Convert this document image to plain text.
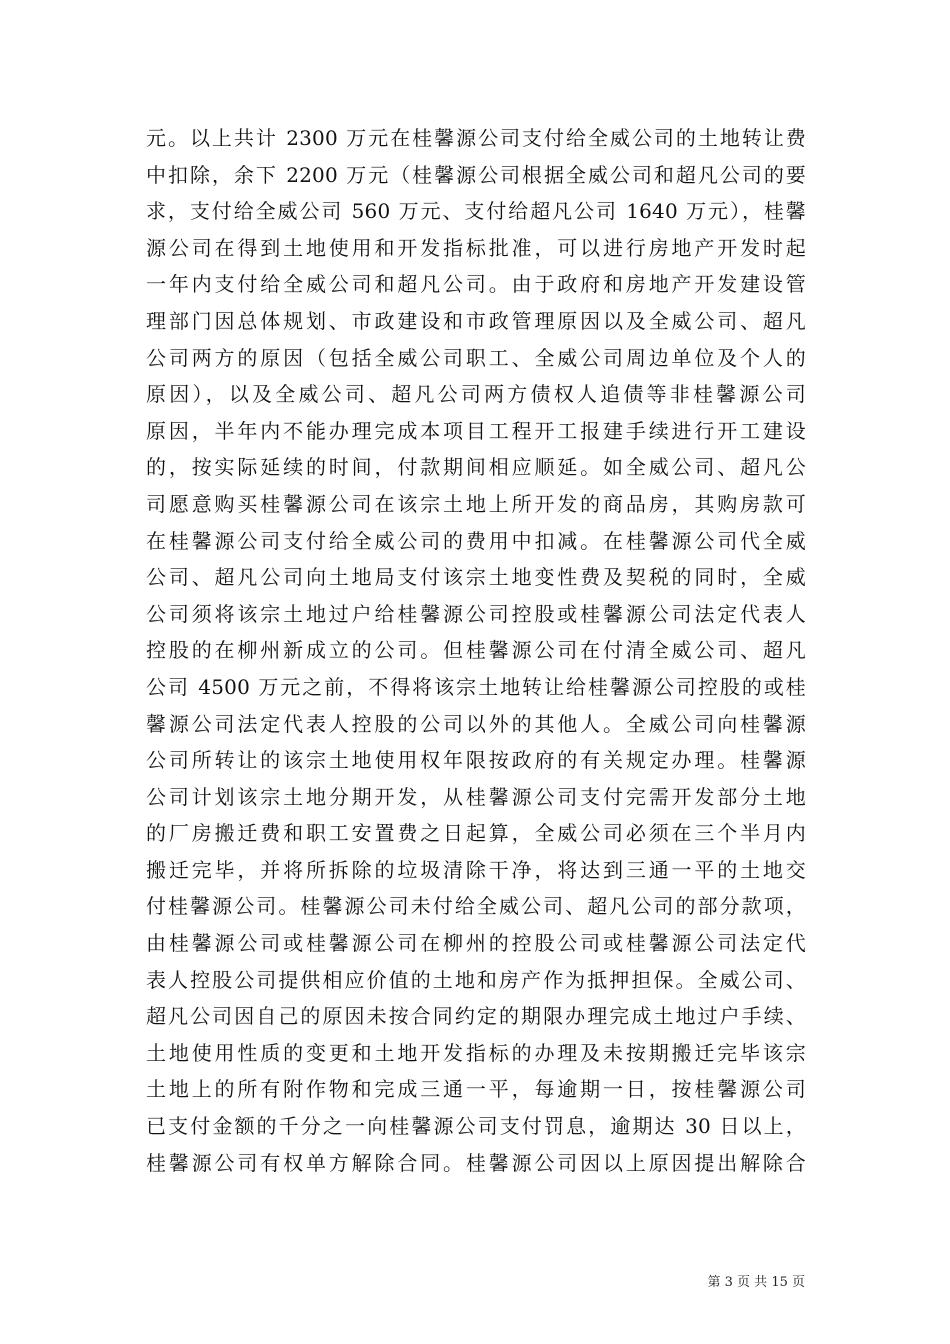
元。以上共计 2300 万元在桂馨源公司支付给全威公司的土地转让费
中扣除，余下 2200 万元（桂馨源公司根据全威公司和超凡公司的要
求，支付给全威公司 560 万元、支付给超凡公司 1640 万元），桂馨
源公司在得到土地使用和开发指标批准，可以进行房地产开发时起
一年内支付给全威公司和超凡公司。由于政府和房地产开发建设管
理部门因总体规划、市政建设和市政管理原因以及全威公司、超凡
公司两方的原因（包括全威公司职工、全威公司周边单位及个人的
原因），以及全威公司、超凡公司两方债权人追债等非桂馨源公司
原因，半年内不能办理完成本项目工程开工报建手续进行开工建设
的，按实际延续的时间，付款期间相应顺延。如全威公司、超凡公
司愿意购买桂馨源公司在该宗土地上所开发的商品房，其购房款可
在桂馨源公司支付给全威公司的费用中扣减。在桂馨源公司代全威
公司、超凡公司向土地局支付该宗土地变性费及契税的同时，全威
公司须将该宗土地过户给桂馨源公司控股或桂馨源公司法定代表人
控股的在柳州新成立的公司。但桂馨源公司在付清全威公司、超凡
公司 4500 万元之前，不得将该宗土地转让给桂馨源公司控股的或桂
馨源公司法定代表人控股的公司以外的其他人。全威公司向桂馨源
公司所转让的该宗土地使用权年限按政府的有关规定办理。桂馨源
公司计划该宗土地分期开发，从桂馨源公司支付完需开发部分土地
的厂房搬迁费和职工安置费之日起算，全威公司必须在三个半月内
搬迁完毕，并将所拆除的垃圾清除干净，将达到三通一平的土地交
付桂馨源公司。桂馨源公司未付给全威公司、超凡公司的部分款项，
由桂馨源公司或桂馨源公司在柳州的控股公司或桂馨源公司法定代
表人控股公司提供相应价值的土地和房产作为抵押担保。全威公司、
超凡公司因自己的原因未按合同约定的期限办理完成土地过户手续、
土地使用性质的变更和土地开发指标的办理及未按期搬迁完毕该宗
土地上的所有附作物和完成三通一平，每逾期一日，按桂馨源公司
已支付金额的千分之一向桂馨源公司支付罚息，逾期达 30 日以上，
桂馨源公司有权单方解除合同。桂馨源公司因以上原因提出解除合
第 3 页 共 15 页
